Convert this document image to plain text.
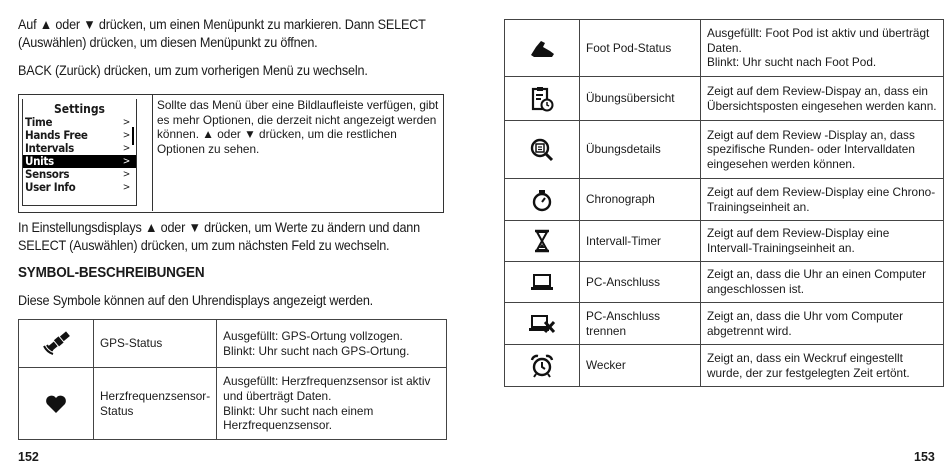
Auf ▲ oder ▼ drücken, um einen Menüpunkt zu markieren. Dann SELECT (Auswählen) drücken, um diesen Menüpunkt zu öffnen.

BACK (Zurück) drücken, um zum vorherigen Menü zu wechseln.

Settings
Time	>
Hands Free	>
Intervals	>
Units	>
Sensors	>
User Info	>
Sollte das Menü über eine Bildlaufleiste verfügen, gibt es mehr Optionen, die derzeit nicht angezeigt werden können. ▲ oder ▼ drücken, um die restlichen Optionen zu sehen.

In Einstellungsdisplays ▲ oder ▼ drücken, um Werte zu ändern und dann SELECT (Auswählen) drücken, um zum nächsten Feld zu wechseln.

SYMBOL-BESCHREIBUNGEN

Diese Symbole können auf den Uhrendisplays angezeigt werden.

	GPS-Status	Ausgefüllt: GPS-Ortung vollzogen.
Blinkt: Uhr sucht nach GPS-Ortung.
	Herzfrequenzsensor-Status	Ausgefüllt: Herzfrequenzsensor ist aktiv und überträgt Daten.
Blinkt: Uhr sucht nach einem Herzfrequenzsensor.
152
	Foot Pod-Status	Ausgefüllt: Foot Pod ist aktiv und überträgt Daten.
Blinkt: Uhr sucht nach Foot Pod.
	Übungsübersicht	Zeigt auf dem Review-Dispay an, dass ein Übersichtsposten eingesehen werden kann.
	Übungsdetails	Zeigt auf dem Review -Display an, dass spezifische Runden- oder Intervalldaten eingesehen werden können.
	Chronograph	Zeigt auf dem Review-Display eine Chrono-Trainingseinheit an.
	Intervall-Timer	Zeigt auf dem Review-Display eine Intervall-Trainingseinheit an.
	PC-Anschluss	Zeigt an, dass die Uhr an einen Computer angeschlossen ist.
	PC-Anschluss trennen	Zeigt an, dass die Uhr vom Computer abgetrennt wird.
	Wecker	Zeigt an, dass ein Weckruf eingestellt wurde, der zur festgelegten Zeit ertönt.
153
